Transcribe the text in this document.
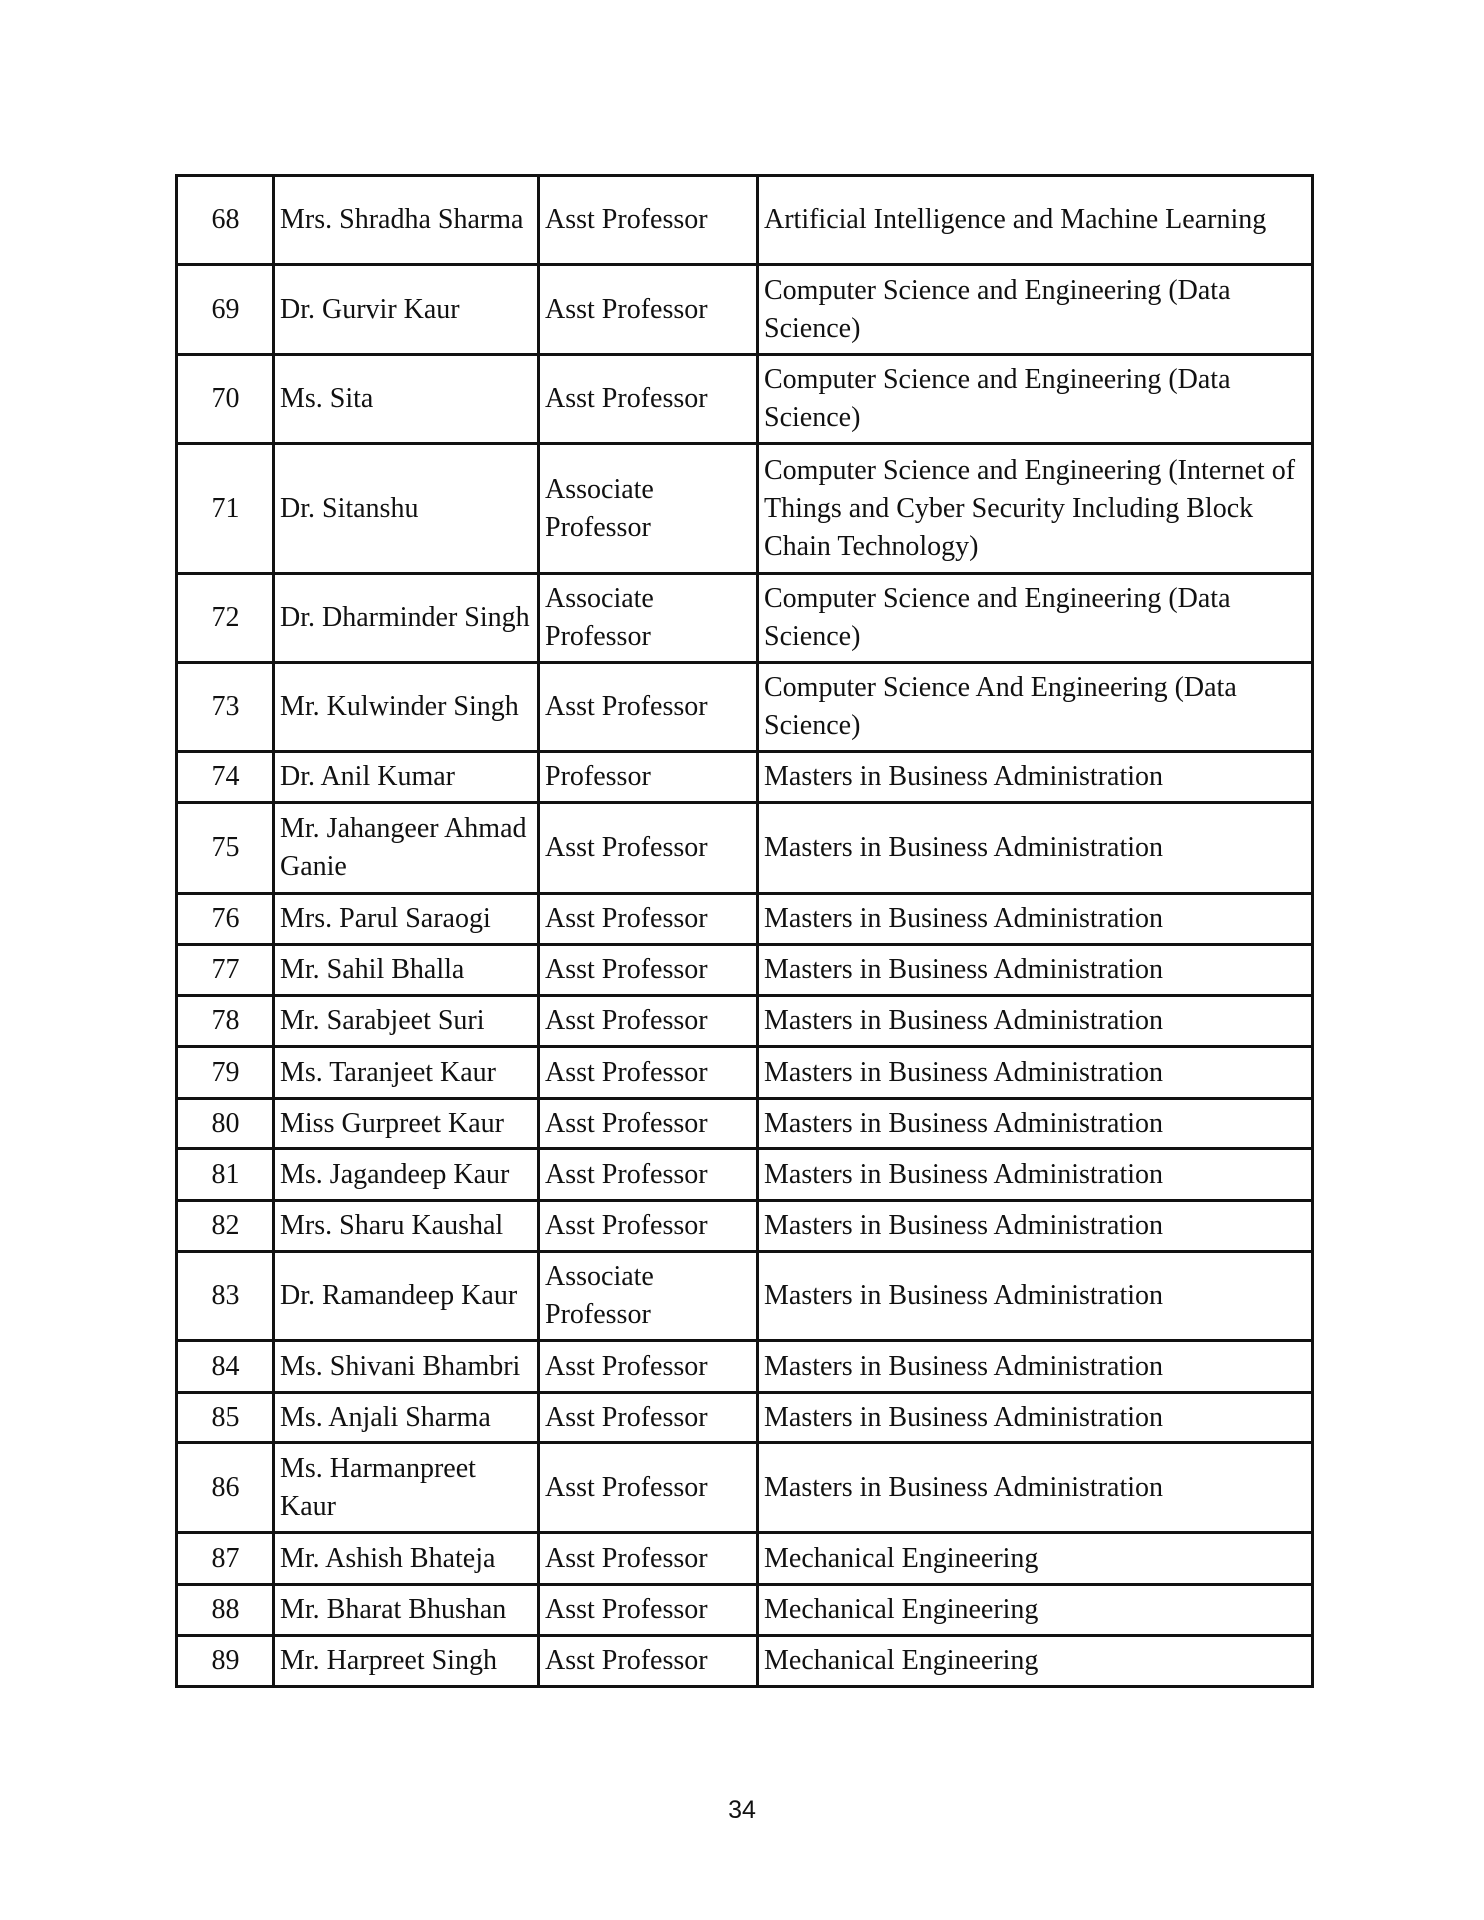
68	Mrs. Shradha Sharma	Asst Professor	Artificial Intelligence and Machine Learning
69	Dr. Gurvir Kaur	Asst Professor	Computer Science and Engineering (Data Science)
70	Ms. Sita	Asst Professor	Computer Science and Engineering (Data Science)
71	Dr. Sitanshu	Associate Professor	Computer Science and Engineering (Internet of Things and Cyber Security Including Block Chain Technology)
72	Dr. Dharminder Singh	Associate Professor	Computer Science and Engineering (Data Science)
73	Mr. Kulwinder Singh	Asst Professor	Computer Science And Engineering (Data Science)
74	Dr. Anil Kumar	Professor	Masters in Business Administration
75	Mr. Jahangeer Ahmad Ganie	Asst Professor	Masters in Business Administration
76	Mrs. Parul Saraogi	Asst Professor	Masters in Business Administration
77	Mr. Sahil Bhalla	Asst Professor	Masters in Business Administration
78	Mr. Sarabjeet Suri	Asst Professor	Masters in Business Administration
79	Ms. Taranjeet Kaur	Asst Professor	Masters in Business Administration
80	Miss Gurpreet Kaur	Asst Professor	Masters in Business Administration
81	Ms. Jagandeep Kaur	Asst Professor	Masters in Business Administration
82	Mrs. Sharu Kaushal	Asst Professor	Masters in Business Administration
83	Dr. Ramandeep Kaur	Associate Professor	Masters in Business Administration
84	Ms. Shivani Bhambri	Asst Professor	Masters in Business Administration
85	Ms. Anjali Sharma	Asst Professor	Masters in Business Administration
86	Ms. Harmanpreet Kaur	Asst Professor	Masters in Business Administration
87	Mr. Ashish Bhateja	Asst Professor	Mechanical Engineering
88	Mr. Bharat Bhushan	Asst Professor	Mechanical Engineering
89	Mr. Harpreet Singh	Asst Professor	Mechanical Engineering
34
